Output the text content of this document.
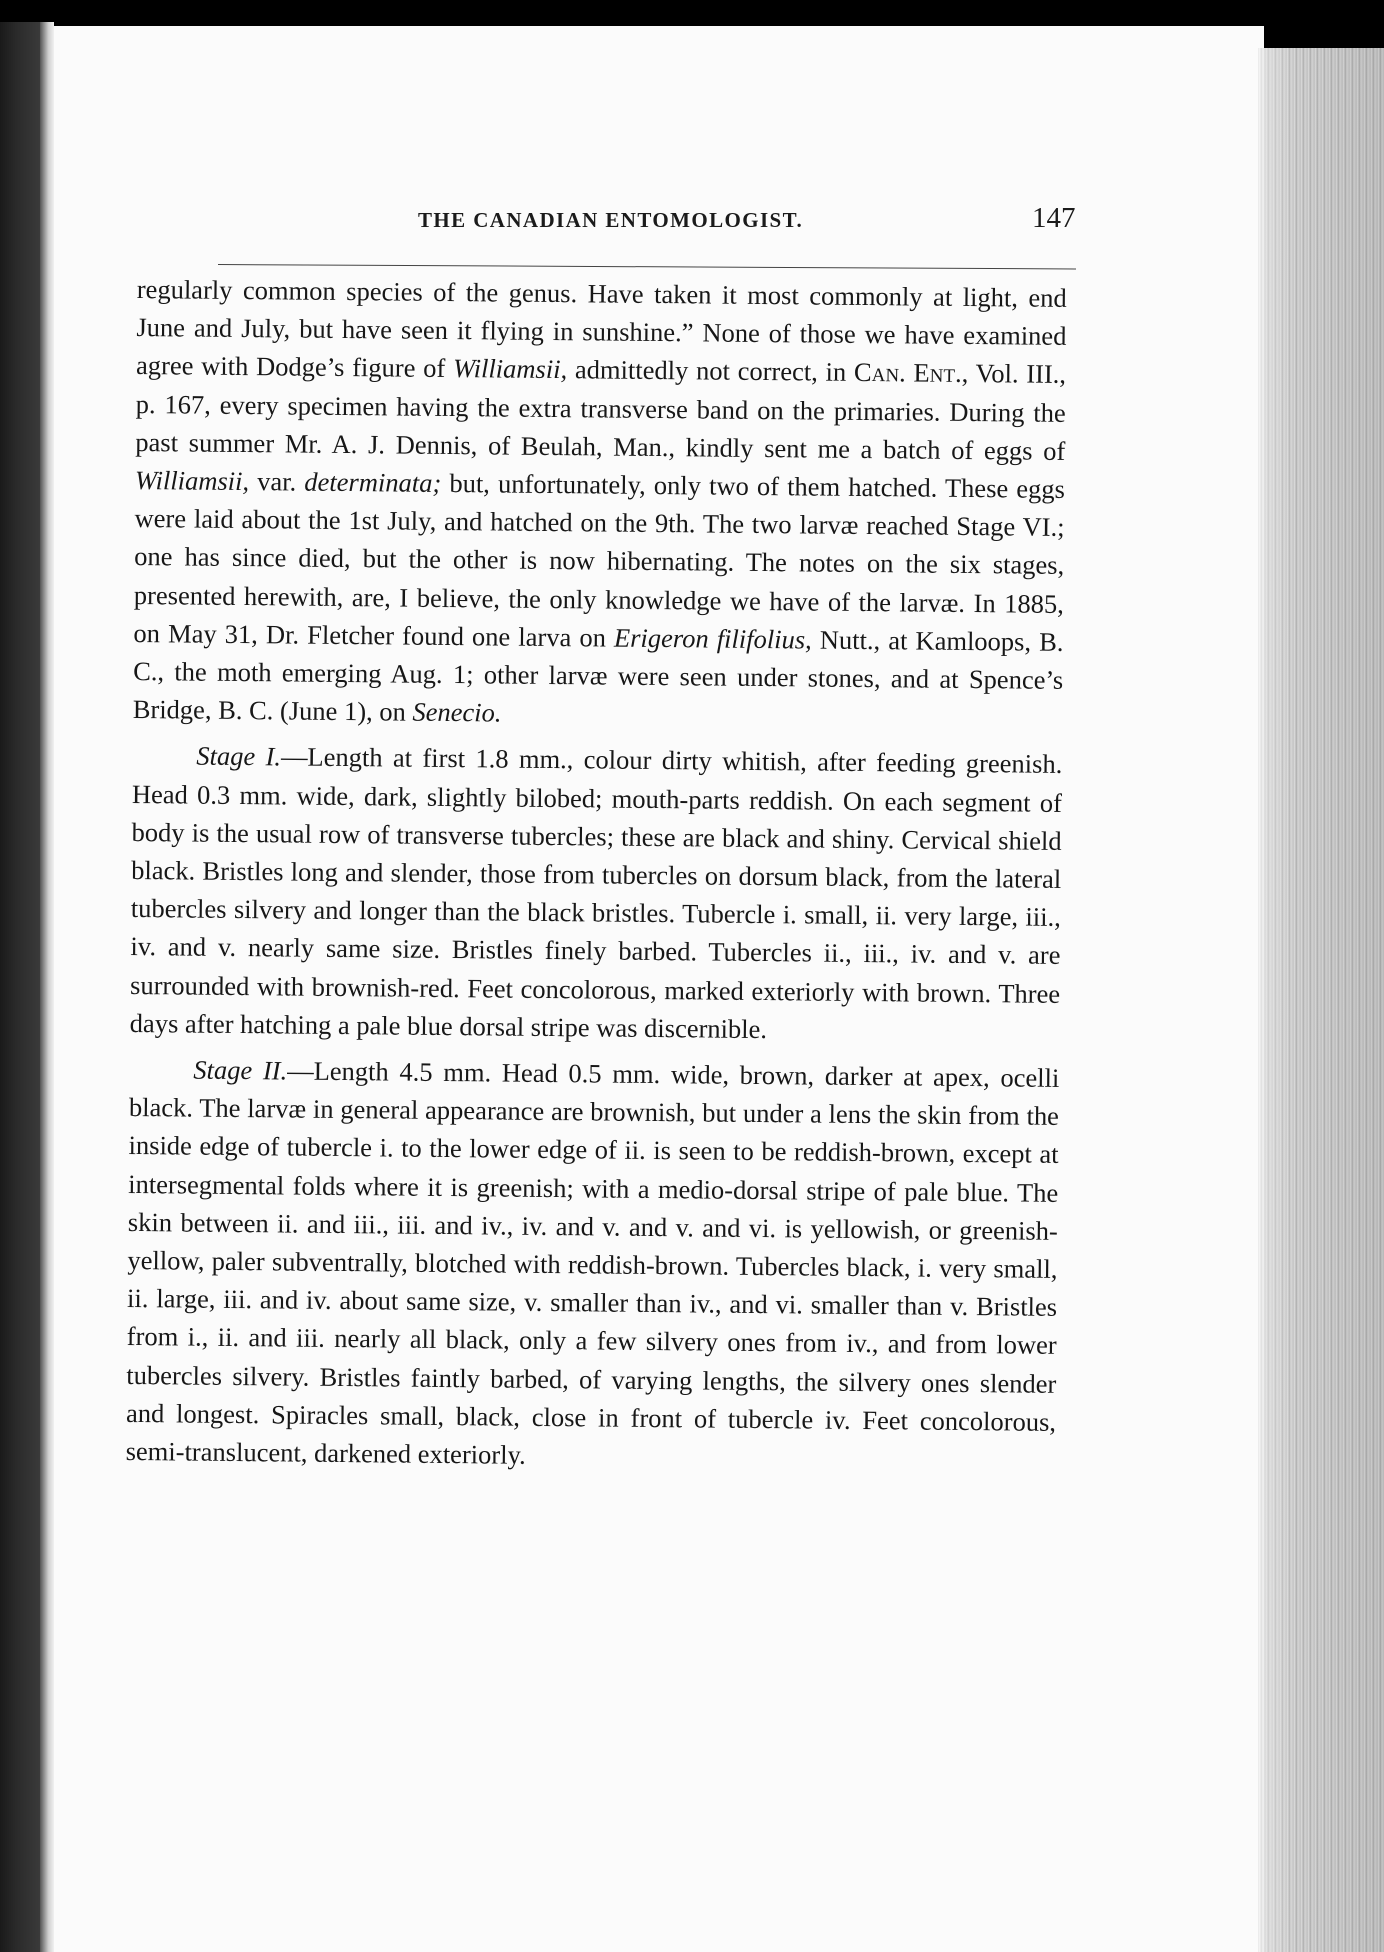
THE CANADIAN ENTOMOLOGIST.	147

regularly common species of the genus. Have taken it most commonly at light, end June and July, but have seen it flying in sunshine.” None of those we have examined agree with Dodge’s figure of Williamsii, admittedly not correct, in Can. Ent., Vol. III., p. 167, every specimen having the extra transverse band on the primaries. During the past summer Mr. A. J. Dennis, of Beulah, Man., kindly sent me a batch of eggs of Williamsii, var. determinata; but, unfortunately, only two of them hatched. These eggs were laid about the 1st July, and hatched on the 9th. The two larvæ reached Stage VI.; one has since died, but the other is now hibernating. The notes on the six stages, presented herewith, are, I believe, the only knowledge we have of the larvæ. In 1885, on May 31, Dr. Fletcher found one larva on Erigeron filifolius, Nutt., at Kamloops, B. C., the moth emerging Aug. 1; other larvæ were seen under stones, and at Spence’s Bridge, B. C. (June 1), on Senecio.

Stage I.—Length at first 1.8 mm., colour dirty whitish, after feeding greenish. Head 0.3 mm. wide, dark, slightly bilobed; mouth-parts reddish. On each segment of body is the usual row of transverse tubercles; these are black and shiny. Cervical shield black. Bristles long and slender, those from tubercles on dorsum black, from the lateral tubercles silvery and longer than the black bristles. Tubercle i. small, ii. very large, iii., iv. and v. nearly same size. Bristles finely barbed. Tubercles ii., iii., iv. and v. are surrounded with brownish-red. Feet concolorous, marked exteriorly with brown. Three days after hatching a pale blue dorsal stripe was discernible.

Stage II.—Length 4.5 mm. Head 0.5 mm. wide, brown, darker at apex, ocelli black. The larvæ in general appearance are brownish, but under a lens the skin from the inside edge of tubercle i. to the lower edge of ii. is seen to be reddish-brown, except at intersegmental folds where it is greenish; with a medio-dorsal stripe of pale blue. The skin between ii. and iii., iii. and iv., iv. and v. and v. and vi. is yellowish, or greenish-yellow, paler subventrally, blotched with reddish-brown. Tubercles black, i. very small, ii. large, iii. and iv. about same size, v. smaller than iv., and vi. smaller than v. Bristles from i., ii. and iii. nearly all black, only a few silvery ones from iv., and from lower tubercles silvery. Bristles faintly barbed, of varying lengths, the silvery ones slender and longest. Spiracles small, black, close in front of tubercle iv. Feet concolorous, semi-translucent, darkened exteriorly.
